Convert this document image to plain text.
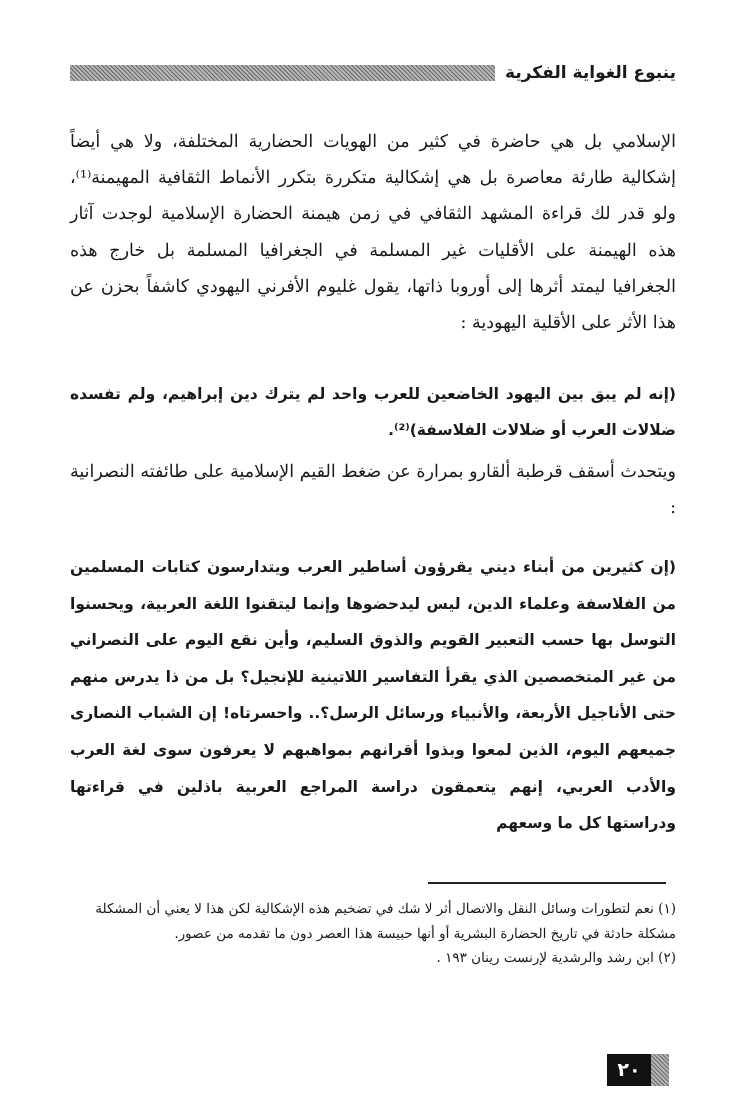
ينبوع الغواية الفكرية

الإسلامي بل هي حاضرة في كثير من الهويات الحضارية المختلفة، ولا هي أيضاً إشكالية طارئة معاصرة بل هي إشكالية متكررة بتكرر الأنماط الثقافية المهيمنة⁽¹⁾، ولو قدر لك قراءة المشهد الثقافي في زمن هيمنة الحضارة الإسلامية لوجدت آثار هذه الهيمنة على الأقليات غير المسلمة في الجغرافيا المسلمة بل خارج هذه الجغرافيا ليمتد أثرها إلى أوروبا ذاتها، يقول غليوم الأفرني اليهودي كاشفاً بحزن عن هذا الأثر على الأقلية اليهودية :

(إنه لم يبق بين اليهود الخاضعين للعرب واحد لم يترك دين إبراهيم، ولم تفسده ضلالات العرب أو ضلالات الفلاسفة)⁽²⁾.

ويتحدث أسقف قرطبة ألقارو بمرارة عن ضغط القيم الإسلامية على طائفته النصرانية :

(إن كثيرين من أبناء ديني يقرؤون أساطير العرب ويتدارسون كتابات المسلمين من الفلاسفة وعلماء الدين، ليس ليدحضوها وإنما ليتقنوا اللغة العربية، ويحسنوا التوسل بها حسب التعبير القويم والذوق السليم، وأين نقع اليوم على النصراني من غير المتخصصين الذي يقرأ التفاسير اللاتينية للإنجيل؟ بل من ذا يدرس منهم حتى الأناجيل الأربعة، والأنبياء ورسائل الرسل؟.. واحسرتاه! إن الشباب النصارى جميعهم اليوم، الذين لمعوا وبذوا أقرانهم بمواهبهم لا يعرفون سوى لغة العرب والأدب العربي، إنهم يتعمقون دراسة المراجع العربية باذلين في قراءتها ودراستها كل ما وسعهم

(١) نعم لتطورات وسائل النقل والاتصال أثر لا شك في تضخيم هذه الإشكالية لكن هذا لا يعني أن المشكلة مشكلة حادثة في تاريخ الحضارة البشرية أو أنها حبيسة هذا العصر دون ما تقدمه من عصور.

(٢) ابن رشد والرشدية لإرنست رينان ١٩٣ .

٢٠
